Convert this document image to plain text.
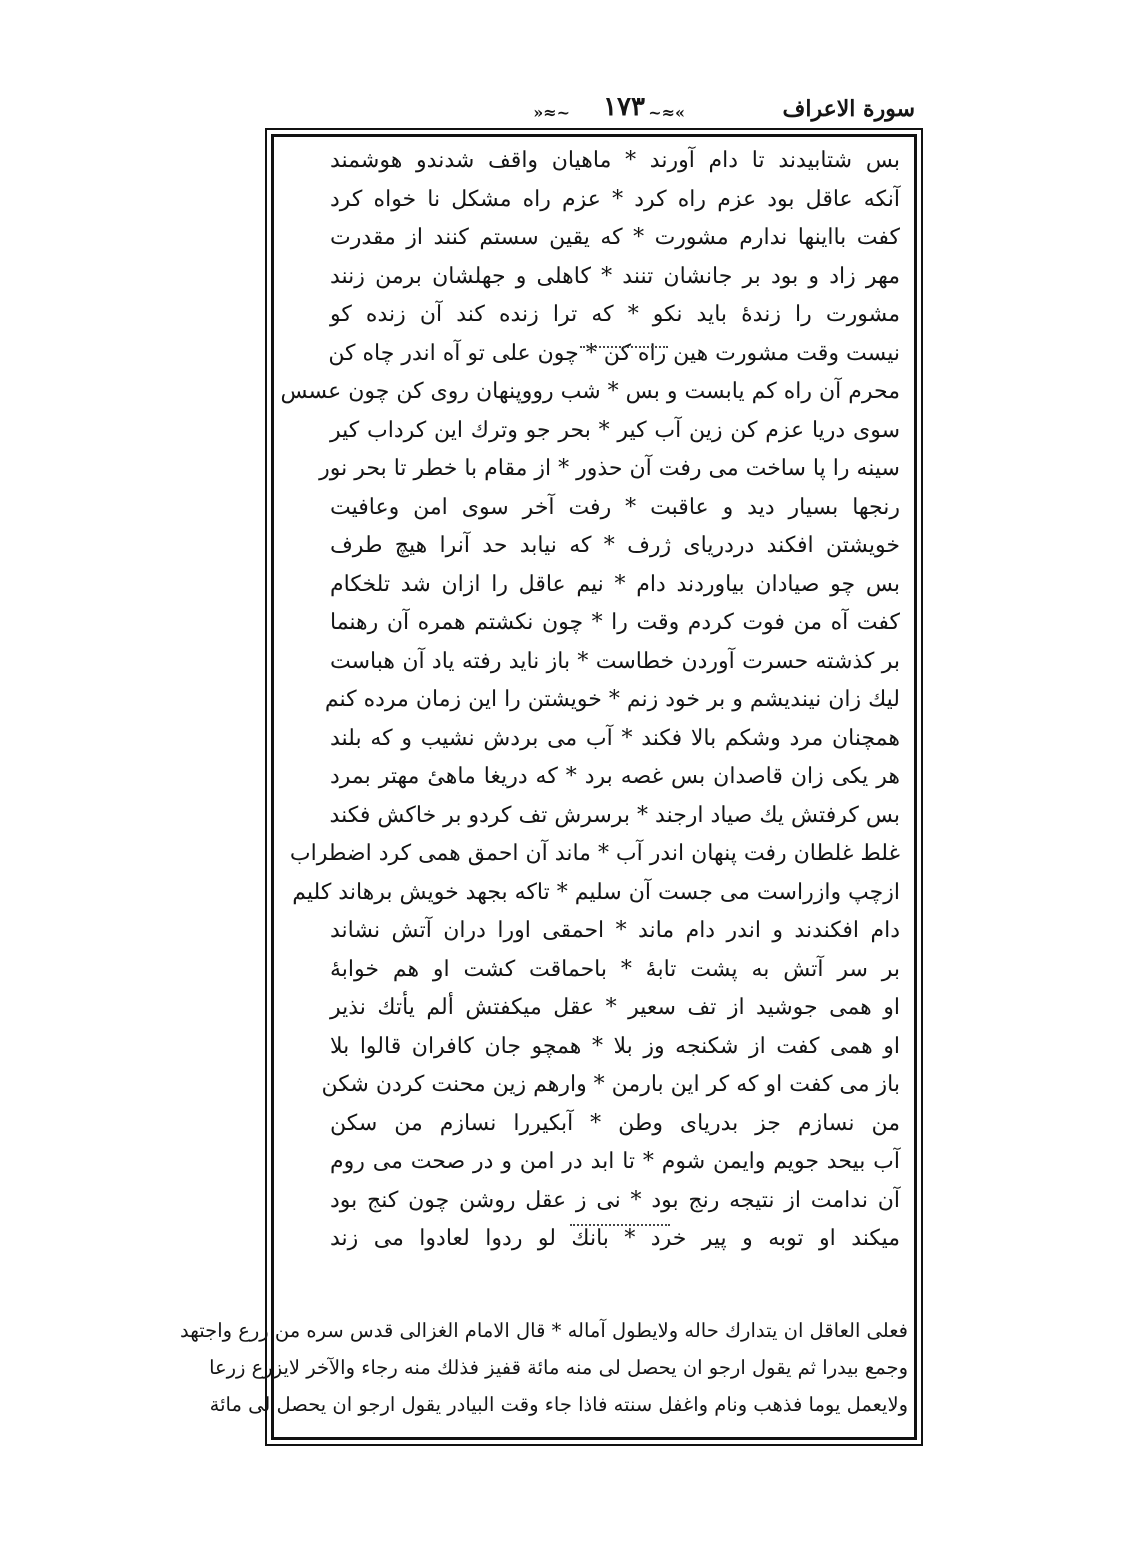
سورة الاعراف
»≈~
۱۷۳
~≈«
بس شتابيدند تا دام آورند * ماهيان واقف شدندو هوشمند
آنكه عاقل بود عزم راه كرد * عزم راه مشكل نا خواه كرد
كفت بااينها ندارم مشورت * كه يقين سستم كنند از مقدرت
مهر زاد و بود بر جانشان تنند * كاهلی و جهلشان برمن زنند
مشورت را زندهٔ بايد نكو * كه ترا زنده كند آن زنده كو
نيست وقت مشورت هين راه كن * چون علی تو آه اندر چاه كن
محرم آن راه كم يابست و بس * شب رووپنهان روی كن چون عسس
سوی دريا عزم كن زين آب كير * بحر جو وترك اين كرداب كير
سينه را پا ساخت می رفت آن حذور * از مقام با خطر تا بحر نور
رنجها بسيار ديد و عاقبت * رفت آخر سوی امن وعافيت
خويشتن افكند دردريای ژرف * كه نيابد حد آنرا هيچ طرف
بس چو صيادان بياوردند دام * نيم عاقل را ازان شد تلخكام
كفت آه من فوت كردم وقت را * چون نكشتم همره آن رهنما
بر كذشته حسرت آوردن خطاست * باز نايد رفته ياد آن هباست
ليك زان نينديشم و بر خود زنم * خويشتن را اين زمان مرده كنم
همچنان مرد وشكم بالا فكند * آب می بردش نشيب و كه بلند
هر يكی زان قاصدان بس غصه برد * كه دريغا ماهیٔ مهتر بمرد
بس كرفتش يك صياد ارجند * برسرش تف كردو بر خاكش فكند
غلط غلطان رفت پنهان اندر آب * ماند آن احمق همی كرد اضطراب
ازچپ وازراست می جست آن سليم * تاكه بجهد خويش برهاند كليم
دام افكندند و اندر دام ماند * احمقی اورا دران آتش نشاند
بر سر آتش به پشت تابهٔ * باحماقت كشت او هم خوابهٔ
او همی جوشيد از تف سعير * عقل ميكفتش ألم يأتك نذير
او همی كفت از شكنجه وز بلا * همچو جان كافران قالوا بلا
باز می كفت او كه كر اين بارمن * وارهم زين محنت كردن شكن
من نسازم جز بدريای وطن * آبكيررا نسازم من سكن
آب بيحد جويم وايمن شوم * تا ابد در امن و در صحت می روم
آن ندامت از نتيجه رنج بود * نی ز عقل روشن چون كنج بود
ميكند او توبه و پير خرد * بانك لو ردوا لعادوا می زند
فعلی العاقل ان يتدارك حاله ولايطول آماله * قال الامام الغزالی قدس سره من زرع واجتهد
وجمع بيدرا ثم يقول ارجو ان يحصل لی منه مائة قفيز فذلك منه رجاء والآخر لايزرع زرعا
ولايعمل يوما فذهب ونام واغفل سنته فاذا جاء وقت البيادر يقول ارجو ان يحصل لی مائة
